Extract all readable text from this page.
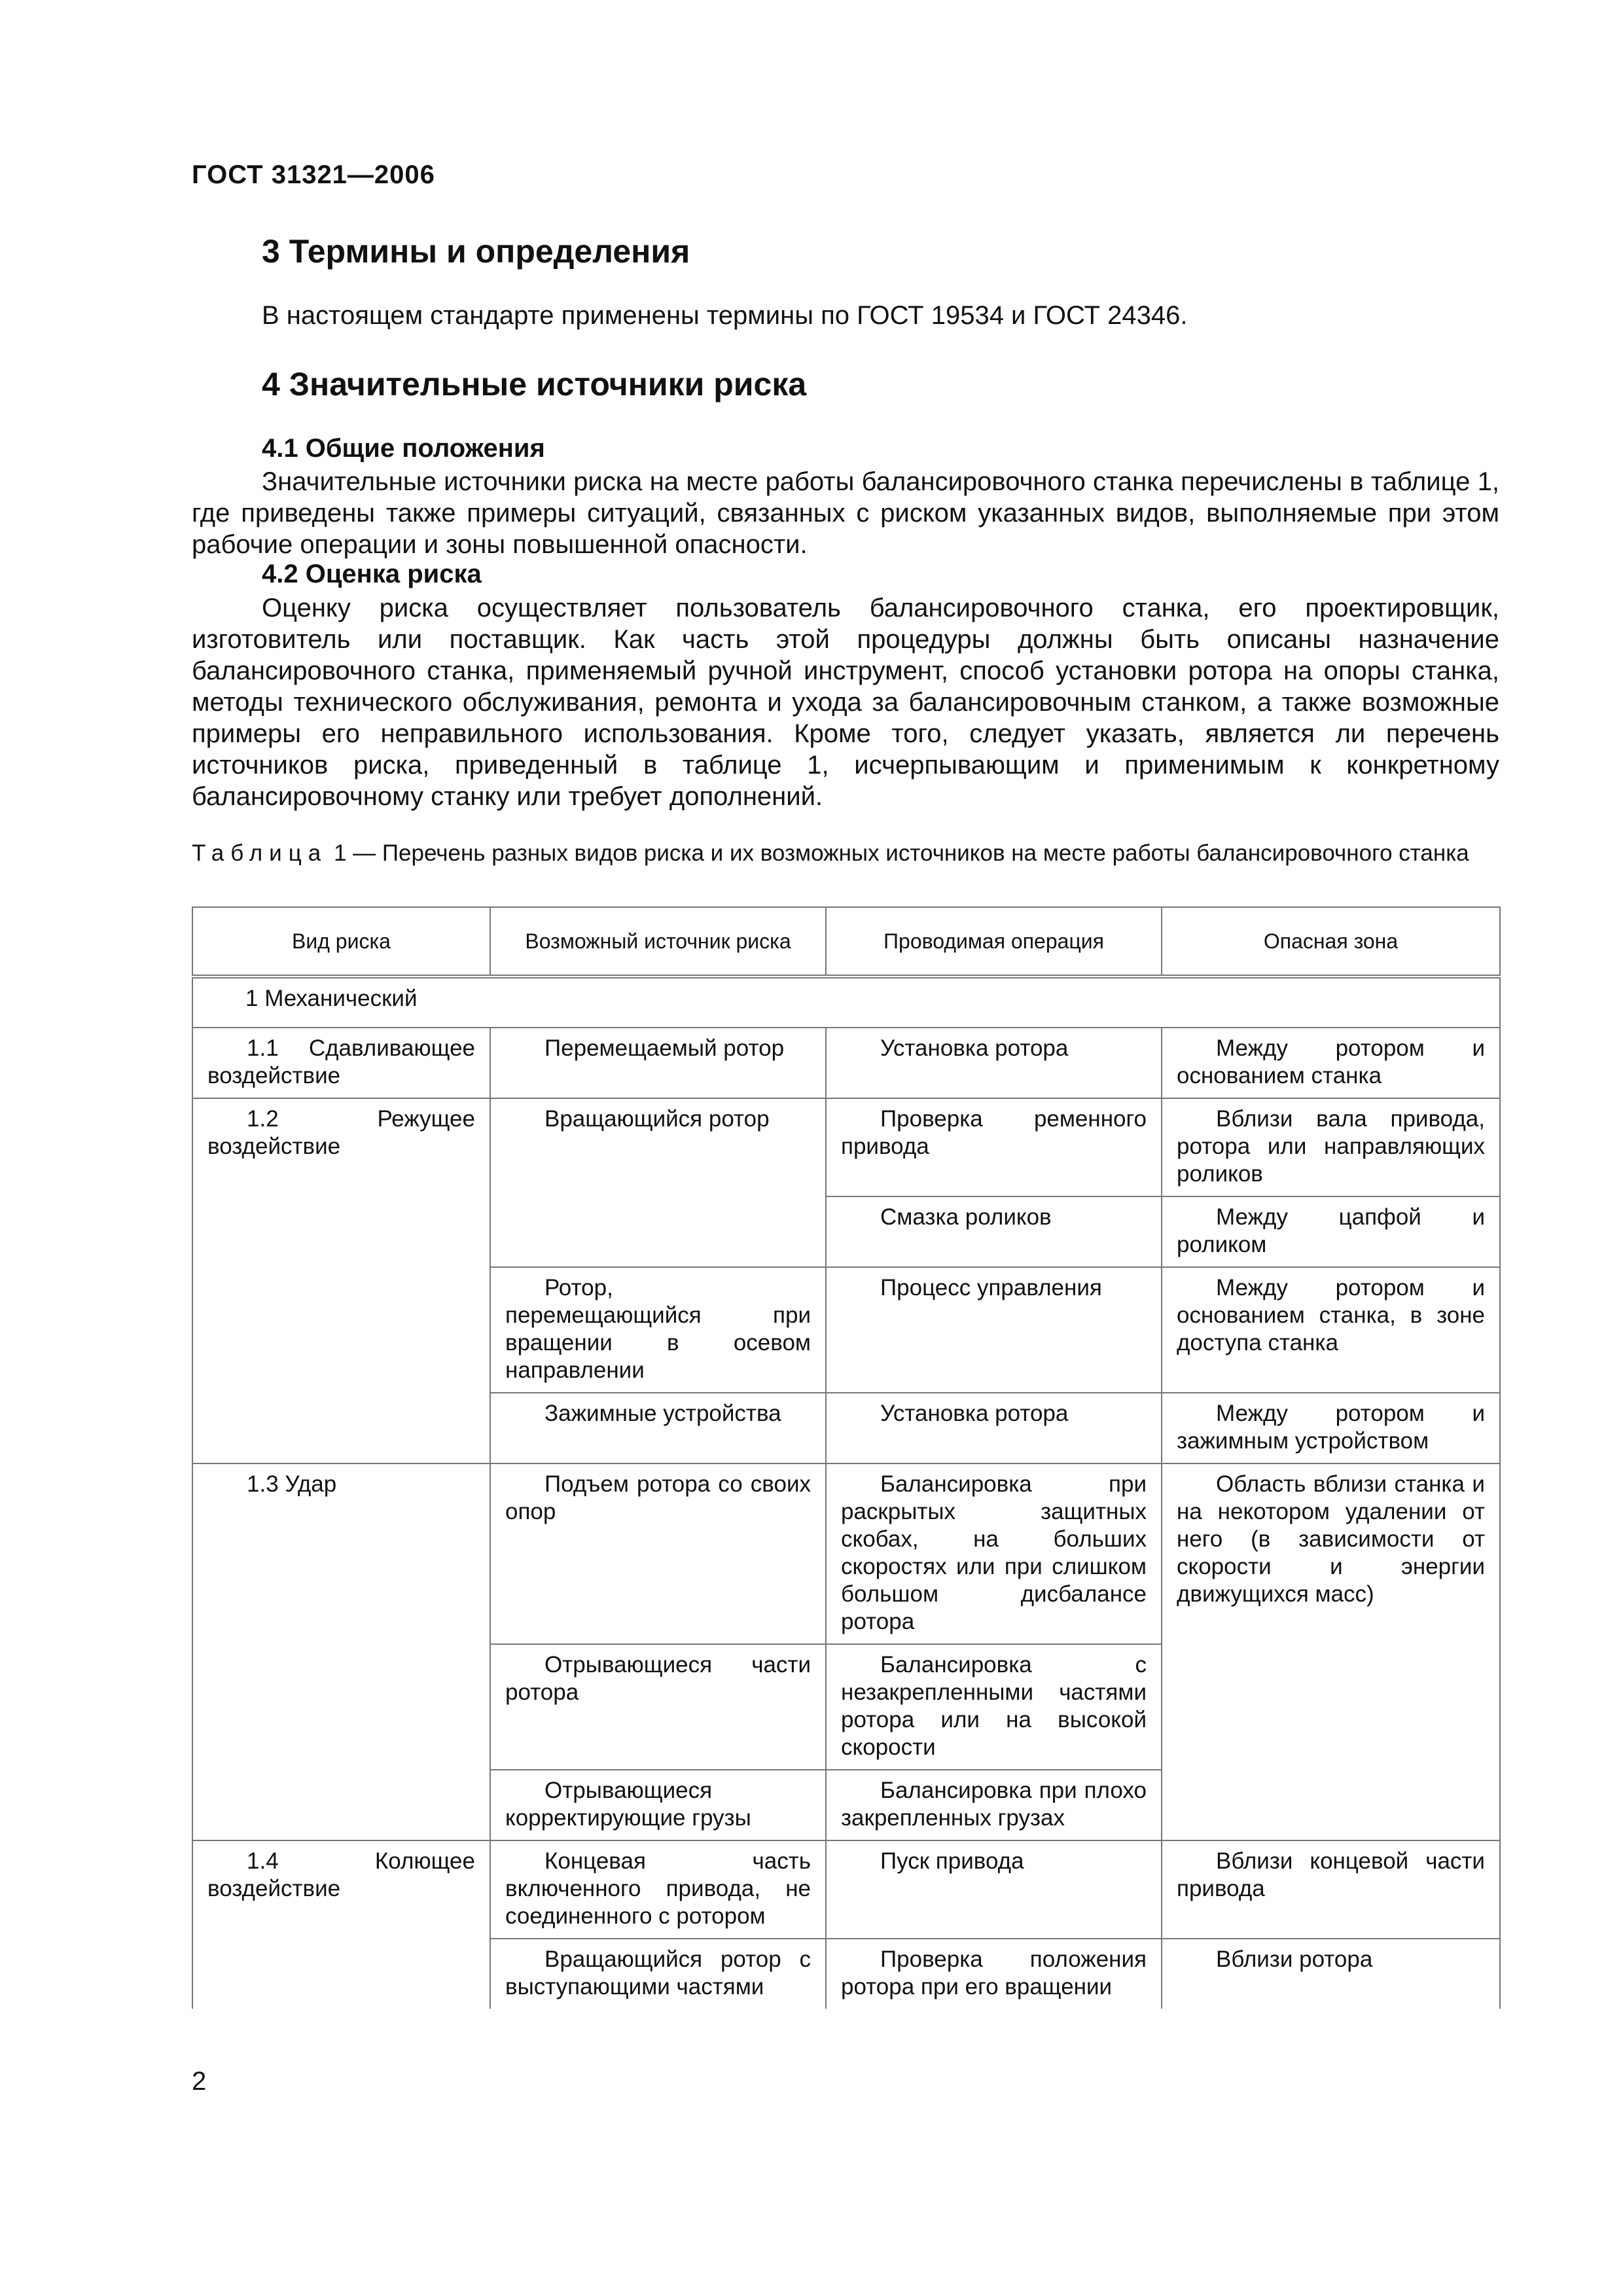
ГОСТ 31321—2006
3 Термины и определения
В настоящем стандарте применены термины по ГОСТ 19534 и ГОСТ 24346.
4 Значительные источники риска
4.1 Общие положения
Значительные источники риска на месте работы балансировочного станка перечислены в таблице 1, где приведены также примеры ситуаций, связанных с риском указанных видов, выполняемые при этом рабочие операции и зоны повышенной опасности.
4.2 Оценка риска
Оценку риска осуществляет пользователь балансировочного станка, его проектировщик, изготовитель или поставщик. Как часть этой процедуры должны быть описаны назначение балансировочного станка, применяемый ручной инструмент, способ установки ротора на опоры станка, методы технического обслуживания, ремонта и ухода за балансировочным станком, а также возможные примеры его неправильного использования. Кроме того, следует указать, является ли перечень источников риска, приведенный в таблице 1, исчерпывающим и применимым к конкретному балансировочному станку или требует дополнений.
Таблица 1 — Перечень разных видов риска и их возможных источников на месте работы балансировочного станка
Вид риска	Возможный источник риска	Проводимая операция	Опасная зона
1 Механический			
1.1 Сдавливающее воздействие	Перемещаемый ротор	Установка ротора	Между ротором и основанием станка
1.2 Режущее воздействие	Вращающийся ротор	Проверка ременного привода	Вблизи вала привода, ротора или направляющих роликов
		Смазка роликов	Между цапфой и роликом
	Ротор, перемещающийся при вращении в осевом направлении	Процесс управления	Между ротором и основанием станка, в зоне доступа станка
	Зажимные устройства	Установка ротора	Между ротором и зажимным устройством
1.3 Удар	Подъем ротора со своих опор	Балансировка при раскрытых защитных скобах, на больших скоростях или при слишком большом дисбалансе ротора	Область вблизи станка и на некотором удалении от него (в зависимости от скорости и энергии движущихся масс)
	Отрывающиеся части ротора	Балансировка с незакрепленными частями ротора или на высокой скорости	
	Отрывающиеся корректирующие грузы	Балансировка при плохо закрепленных грузах	
1.4 Колющее воздействие	Концевая часть включенного привода, не соединенного с ротором	Пуск привода	Вблизи концевой части привода
	Вращающийся ротор с выступающими частями	Проверка положения ротора при его вращении	Вблизи ротора
2
